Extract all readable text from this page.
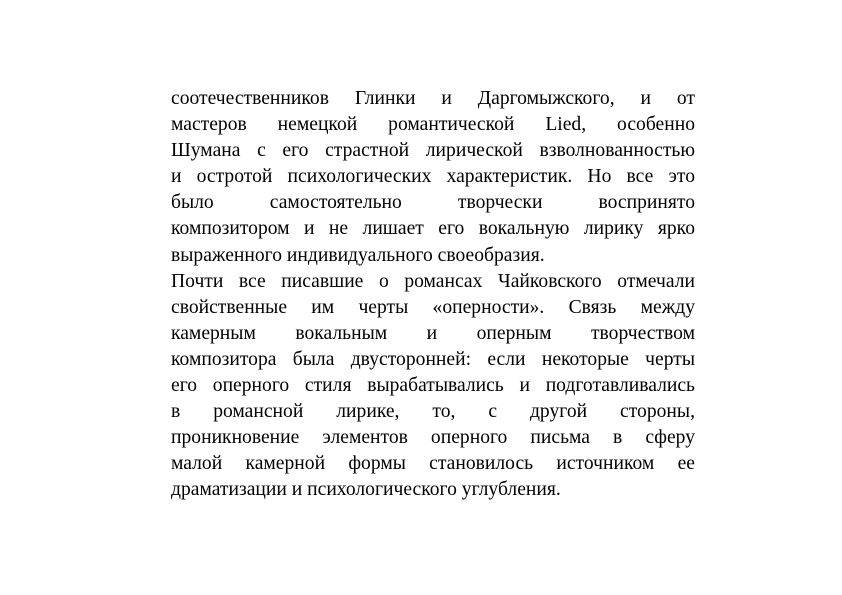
соотечественников Глинки и Даргомыжского, и от
мастеров немецкой романтической Lied, особенно
Шумана с его страстной лирической взволнованностью
и остротой психологических характеристик. Но все это
было самостоятельно творчески воспринято
композитором и не лишает его вокальную лирику ярко
выраженного индивидуального своеобразия.
Почти все писавшие о романсах Чайковского отмечали
свойственные им черты «оперности». Связь между
камерным вокальным и оперным творчеством
композитора была двусторонней: если некоторые черты
его оперного стиля вырабатывались и подготавливались
в романсной лирике, то, с другой стороны,
проникновение элементов оперного письма в сферу
малой камерной формы становилось источником ее
драматизации и психологического углубления.
